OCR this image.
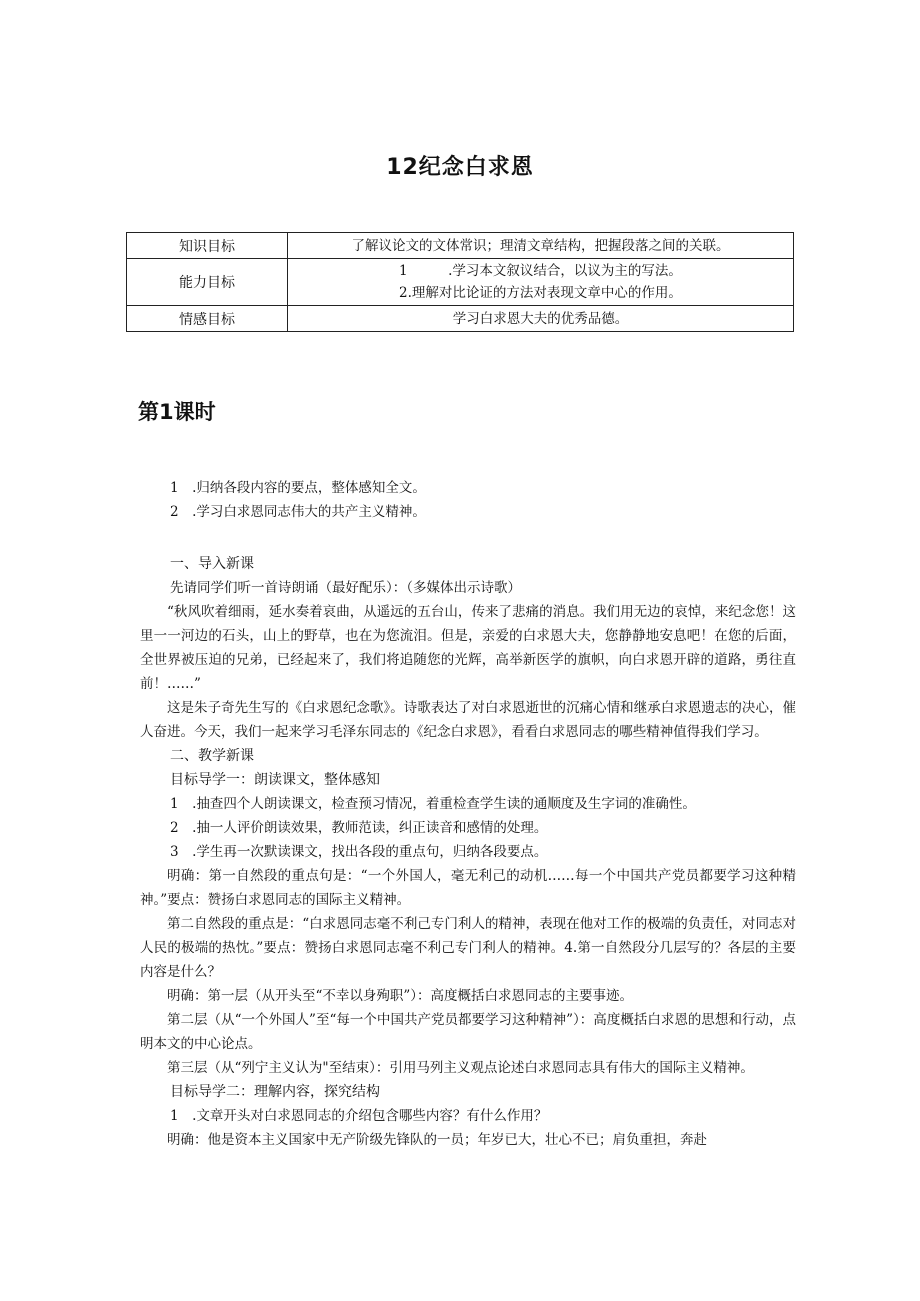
12纪念白求恩
知识目标	了解议论文的文体常识；理清文章结构，把握段落之间的关联。

能力目标	1　　　.学习本文叙议结合，以议为主的写法。
2.理解对比论证的方法对表现文章中心的作用。

情感目标	学习白求恩大夫的优秀品德。
第1课时

1　.归纳各段内容的要点，整体感知全文。

2　.学习白求恩同志伟大的共产主义精神。

一、导入新课

先请同学们听一首诗朗诵（最好配乐）：（多媒体出示诗歌）

“秋风吹着细雨，延水奏着哀曲，从遥远的五台山，传来了悲痛的消息。我们用无边的哀悼，来纪念您！这里一一河边的石头，山上的野草，也在为您流泪。但是，亲爱的白求恩大夫，您静静地安息吧！在您的后面，全世界被压迫的兄弟，已经起来了，我们将追随您的光辉，高举新医学的旗帜，向白求恩开辟的道路，勇往直前！……”

这是朱子奇先生写的《白求恩纪念歌》。诗歌表达了对白求恩逝世的沉痛心情和继承白求恩遗志的决心，催人奋进。今天，我们一起来学习毛泽东同志的《纪念白求恩》，看看白求恩同志的哪些精神值得我们学习。

二、教学新课

目标导学一：朗读课文，整体感知

1　.抽查四个人朗读课文，检查预习情况，着重检查学生读的通顺度及生字词的准确性。

2　.抽一人评价朗读效果，教师范读，纠正读音和感情的处理。

3　.学生再一次默读课文，找出各段的重点句，归纳各段要点。

明确：第一自然段的重点句是：“一个外国人，毫无利己的动机……每一个中国共产党员都要学习这种精神。”要点：赞扬白求恩同志的国际主义精神。

第二自然段的重点是：“白求恩同志毫不利己专门利人的精神，表现在他对工作的极端的负责任，对同志对人民的极端的热忱。”要点：赞扬白求恩同志毫不利己专门利人的精神。4.第一自然段分几层写的？各层的主要内容是什么？

明确：第一层（从开头至“不幸以身殉职”）：高度概括白求恩同志的主要事迹。

第二层（从“一个外国人”至“每一个中国共产党员都要学习这种精神”）：高度概括白求恩的思想和行动，点明本文的中心论点。

第三层（从“列宁主义认为"至结束）：引用马列主义观点论述白求恩同志具有伟大的国际主义精神。

目标导学二：理解内容，探究结构

1　.文章开头对白求恩同志的介绍包含哪些内容？有什么作用？

明确：他是资本主义国家中无产阶级先锋队的一员；年岁已大，壮心不已；肩负重担，奔赴
